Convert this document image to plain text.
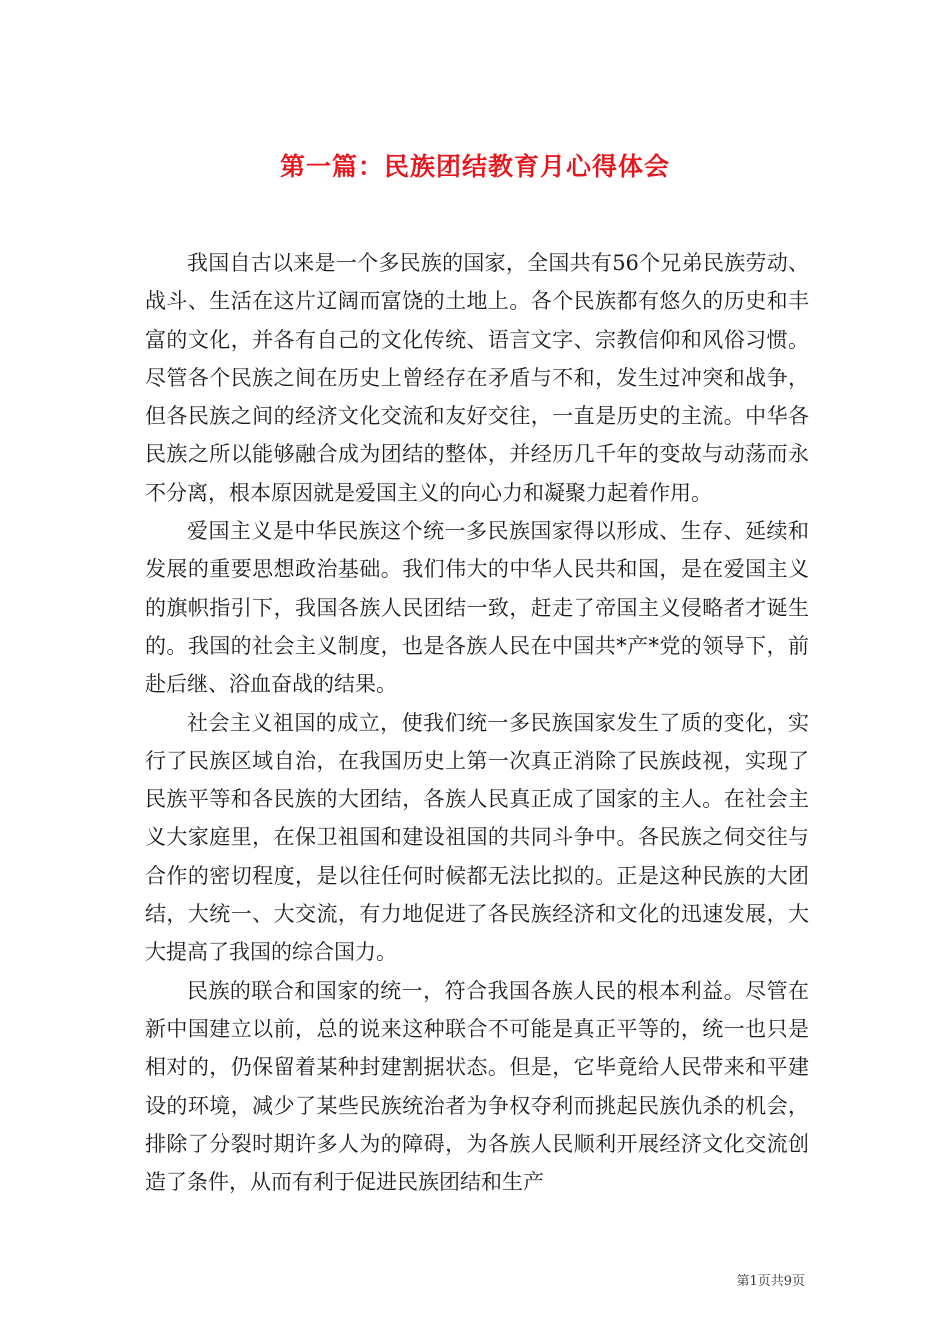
第一篇：民族团结教育月心得体会

我国自古以来是一个多民族的国家，全国共有56个兄弟民族劳动、战斗、生活在这片辽阔而富饶的土地上。各个民族都有悠久的历史和丰富的文化，并各有自己的文化传统、语言文字、宗教信仰和风俗习惯。尽管各个民族之间在历史上曾经存在矛盾与不和，发生过冲突和战争，但各民族之间的经济文化交流和友好交往，一直是历史的主流。中华各民族之所以能够融合成为团结的整体，并经历几千年的变故与动荡而永不分离，根本原因就是爱国主义的向心力和凝聚力起着作用。

爱国主义是中华民族这个统一多民族国家得以形成、生存、延续和发展的重要思想政治基础。我们伟大的中华人民共和国，是在爱国主义的旗帜指引下，我国各族人民团结一致，赶走了帝国主义侵略者才诞生的。我国的社会主义制度，也是各族人民在中国共*产*党的领导下，前赴后继、浴血奋战的结果。

社会主义祖国的成立，使我们统一多民族国家发生了质的变化，实行了民族区域自治，在我国历史上第一次真正消除了民族歧视，实现了民族平等和各民族的大团结，各族人民真正成了国家的主人。在社会主义大家庭里，在保卫祖国和建设祖国的共同斗争中。各民族之伺交往与合作的密切程度，是以往任何时候都无法比拟的。正是这种民族的大团结，大统一、大交流，有力地促进了各民族经济和文化的迅速发展，大大提高了我国的综合国力。

民族的联合和国家的统一，符合我国各族人民的根本利益。尽管在新中国建立以前，总的说来这种联合不可能是真正平等的，统一也只是相对的，仍保留着某种封建割据状态。但是，它毕竟给人民带来和平建设的环境，减少了某些民族统治者为争权夺利而挑起民族仇杀的机会，排除了分裂时期许多人为的障碍，为各族人民顺利开展经济文化交流创造了条件，从而有利于促进民族团结和生产

第1页共9页
